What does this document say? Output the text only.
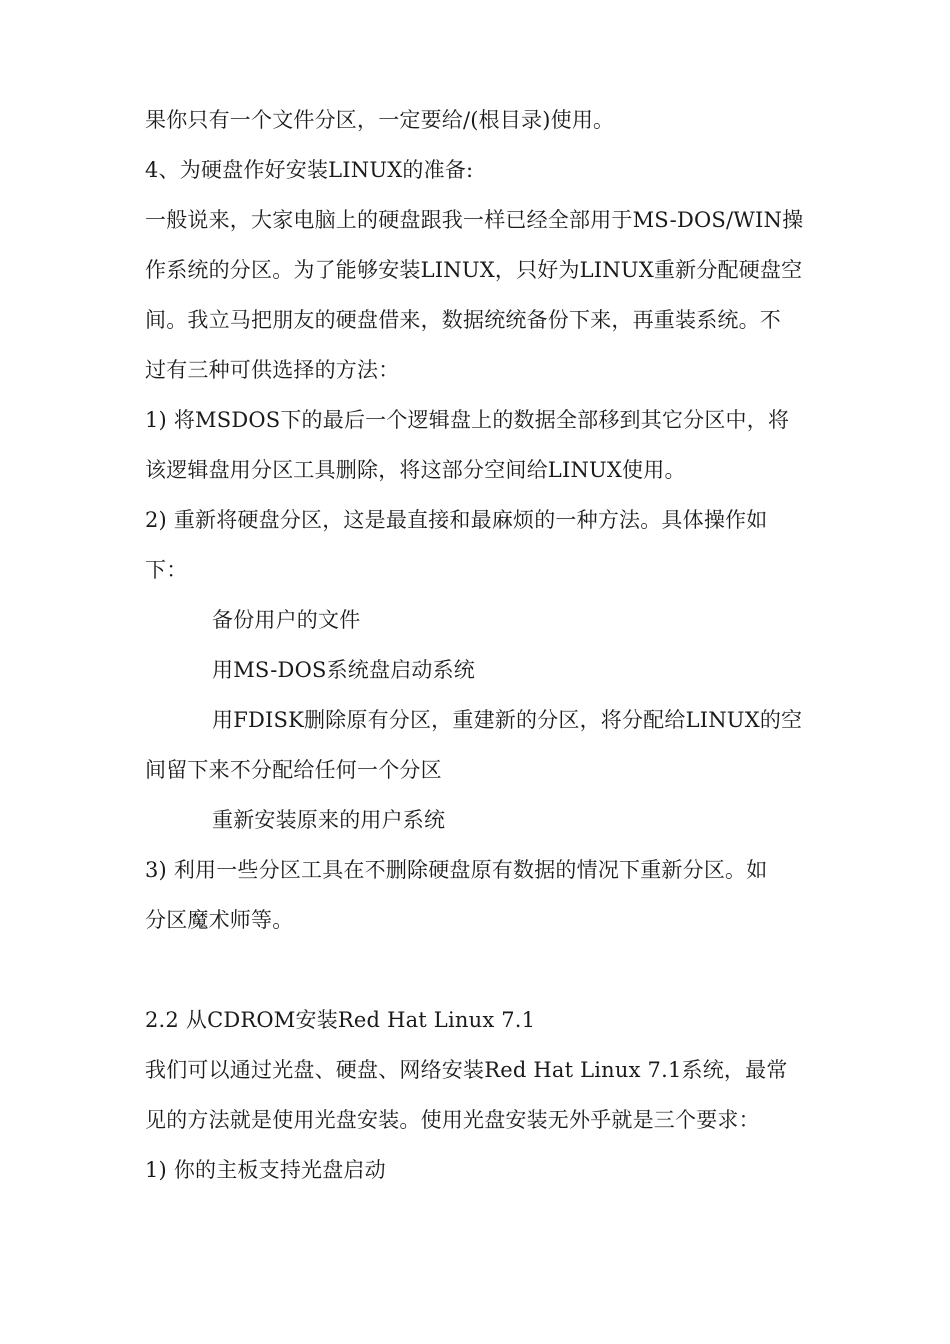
果你只有一个文件分区，一定要给/(根目录)使用。
4、为硬盘作好安装LINUX的准备:
一般说来，大家电脑上的硬盘跟我一样已经全部用于MS-DOS/WIN操
作系统的分区。为了能够安装LINUX，只好为LINUX重新分配硬盘空
间。我立马把朋友的硬盘借来，数据统统备份下来，再重装系统。不
过有三种可供选择的方法：
1) 将MSDOS下的最后一个逻辑盘上的数据全部移到其它分区中，将
该逻辑盘用分区工具删除，将这部分空间给LINUX使用。
2) 重新将硬盘分区，这是最直接和最麻烦的一种方法。具体操作如
下：
备份用户的文件
用MS-DOS系统盘启动系统
用FDISK删除原有分区，重建新的分区，将分配给LINUX的空
间留下来不分配给任何一个分区
重新安装原来的用户系统
3) 利用一些分区工具在不删除硬盘原有数据的情况下重新分区。如
分区魔术师等。
2.2 从CDROM安装Red Hat Linux 7.1
我们可以通过光盘、硬盘、网络安装Red Hat Linux 7.1系统，最常
见的方法就是使用光盘安装。使用光盘安装无外乎就是三个要求：
1) 你的主板支持光盘启动
